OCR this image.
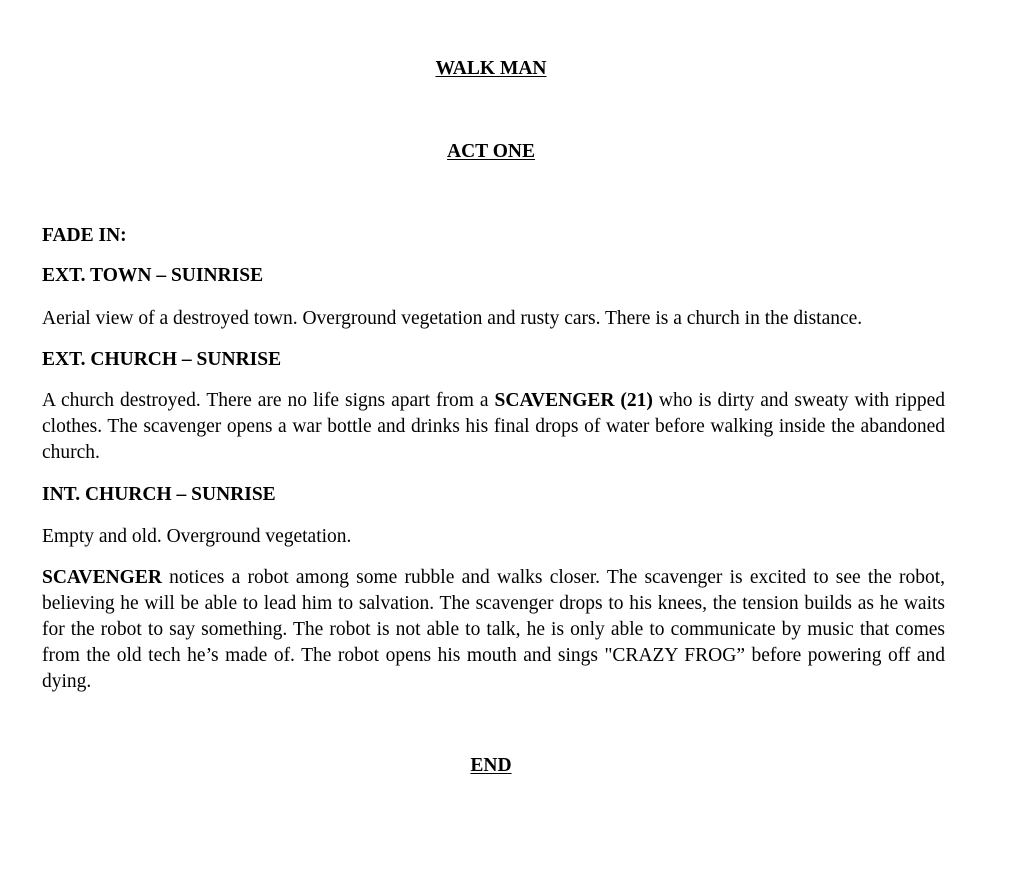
WALK MAN
ACT ONE
FADE IN:
EXT. TOWN – SUINRISE
Aerial view of a destroyed town. Overground vegetation and rusty cars. There is a church in the distance.
EXT. CHURCH – SUNRISE
A church destroyed. There are no life signs apart from a SCAVENGER (21) who is dirty and sweaty with ripped clothes. The scavenger opens a war bottle and drinks his final drops of water before walking inside the abandoned church.
INT. CHURCH – SUNRISE
Empty and old. Overground vegetation.
SCAVENGER notices a robot among some rubble and walks closer. The scavenger is excited to see the robot, believing he will be able to lead him to salvation. The scavenger drops to his knees, the tension builds as he waits for the robot to say something. The robot is not able to talk, he is only able to communicate by music that comes from the old tech he’s made of. The robot opens his mouth and sings "CRAZY FROG” before powering off and dying.
END
